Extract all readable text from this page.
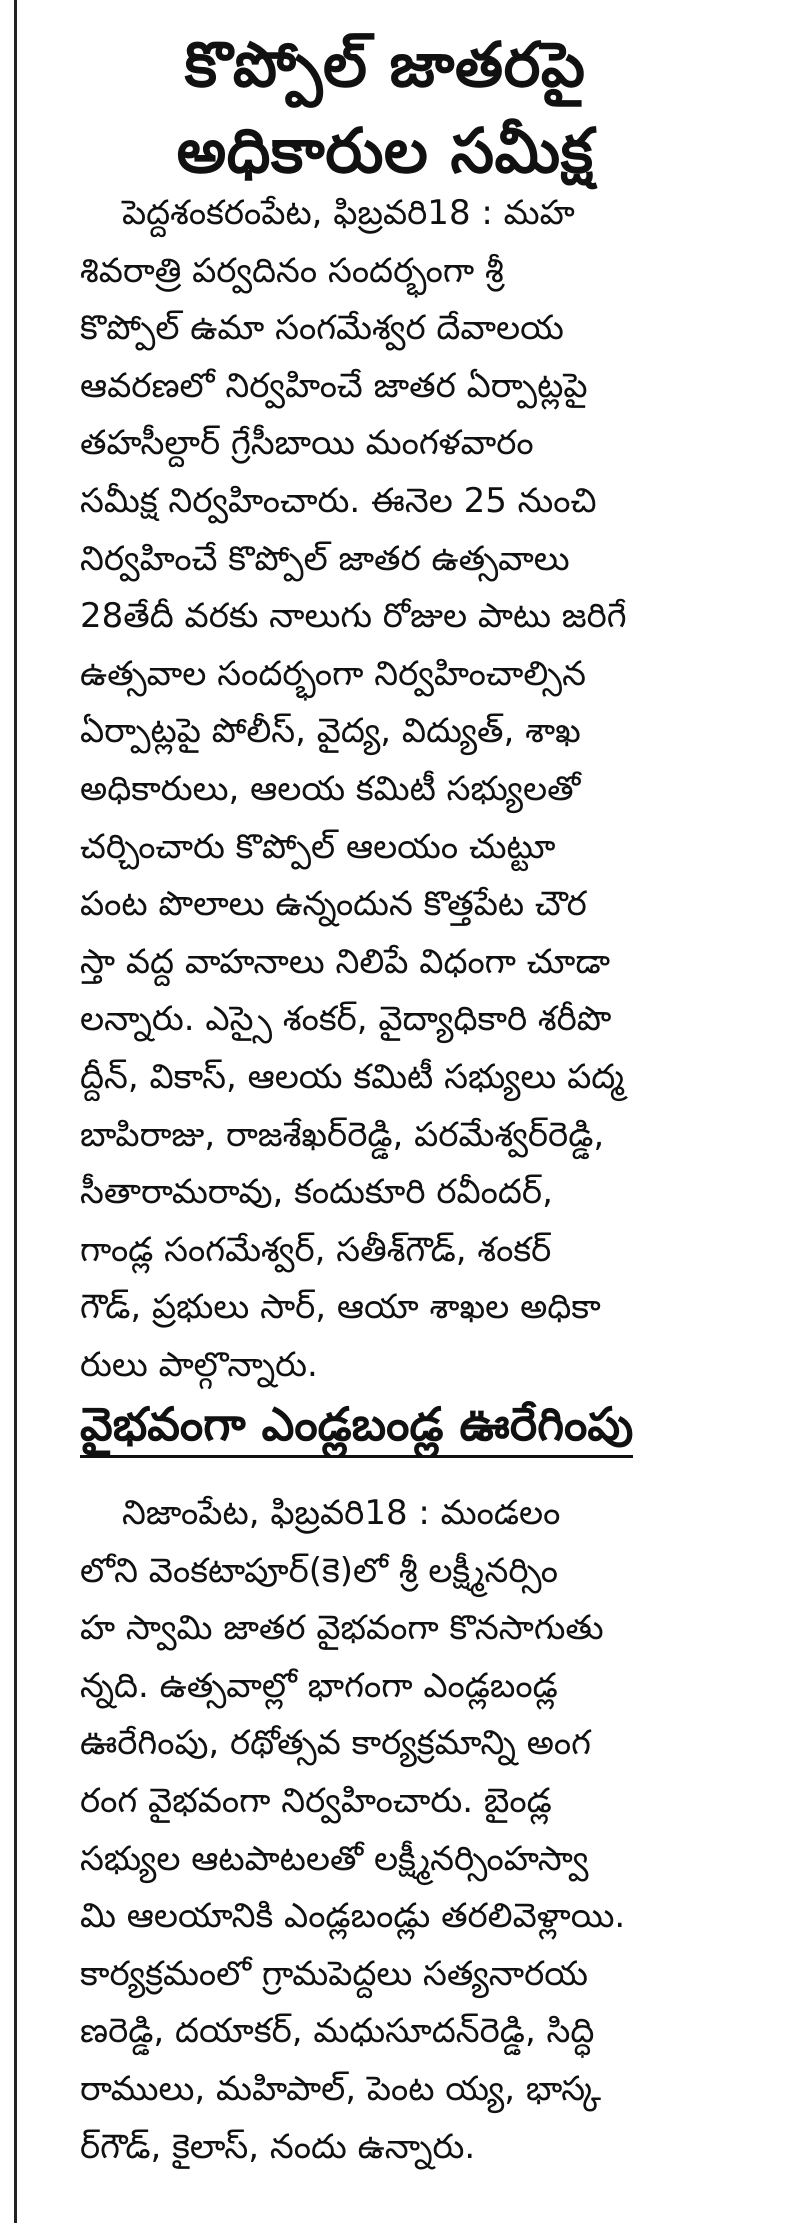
కొప్పోల్ జాతరపై
అధికారుల సమీక్ష
పెద్దశంకరంపేట, ఫిబ్రవరి18 : మహ
శివరాత్రి పర్వదినం సందర్భంగా శ్రీ
కొప్పోల్ ఉమా సంగమేశ్వర దేవాలయ
ఆవరణలో నిర్వహించే జాతర ఏర్పాట్లపై
తహసీల్దార్ గ్రేసీబాయి మంగళవారం
సమీక్ష నిర్వహించారు. ఈనెల 25 నుంచి
నిర్వహించే కొప్పోల్ జాతర ఉత్సవాలు
28తేదీ వరకు నాలుగు రోజుల పాటు జరిగే
ఉత్సవాల సందర్భంగా నిర్వహించాల్సిన
ఏర్పాట్లపై పోలీస్, వైద్య, విద్యుత్, శాఖ
అధికారులు, ఆలయ కమిటీ సభ్యులతో
చర్చించారు కొప్పోల్ ఆలయం చుట్టూ
పంట పొలాలు ఉన్నందున కొత్తపేట చౌర
స్తా వద్ద వాహనాలు నిలిపే విధంగా చూడా
లన్నారు. ఎస్సై శంకర్, వైద్యాధికారి శరీపొ
ద్దీన్, వికాస్, ఆలయ కమిటీ సభ్యులు పద్మ
బాపిరాజు, రాజశేఖర్‌రెడ్డి, పరమేశ్వర్‌రెడ్డి,
సీతారామరావు, కందుకూరి రవీందర్,
గాండ్ల సంగమేశ్వర్, సతీశ్‌గౌడ్, శంకర్
గౌడ్, ప్రభులు సార్, ఆయా శాఖల అధికా
రులు పాల్గొన్నారు.
వైభవంగా ఎండ్లబండ్ల ఊరేగింపు
నిజాంపేట, ఫిబ్రవరి18 : మండలం
లోని వెంకటాపూర్(కె)లో శ్రీ లక్ష్మీనర్సిం
హ స్వామి జాతర వైభవంగా కొనసాగుతు
న్నది. ఉత్సవాల్లో భాగంగా ఎండ్లబండ్ల
ఊరేగింపు, రథోత్సవ కార్యక్రమాన్ని అంగ
రంగ వైభవంగా నిర్వహించారు. బైండ్ల
సభ్యుల ఆటపాటలతో లక్ష్మీనర్సింహస్వా
మి ఆలయానికి ఎండ్లబండ్లు తరలివెళ్లాయి.
కార్యక్రమంలో గ్రామపెద్దలు సత్యనారయ
ణరెడ్డి, దయాకర్, మధుసూదన్‌రెడ్డి, సిద్ధి
రాములు, మహిపాల్, పెంట య్య, భాస్క
ర్‌గౌడ్, కైలాస్, నందు ఉన్నారు.
